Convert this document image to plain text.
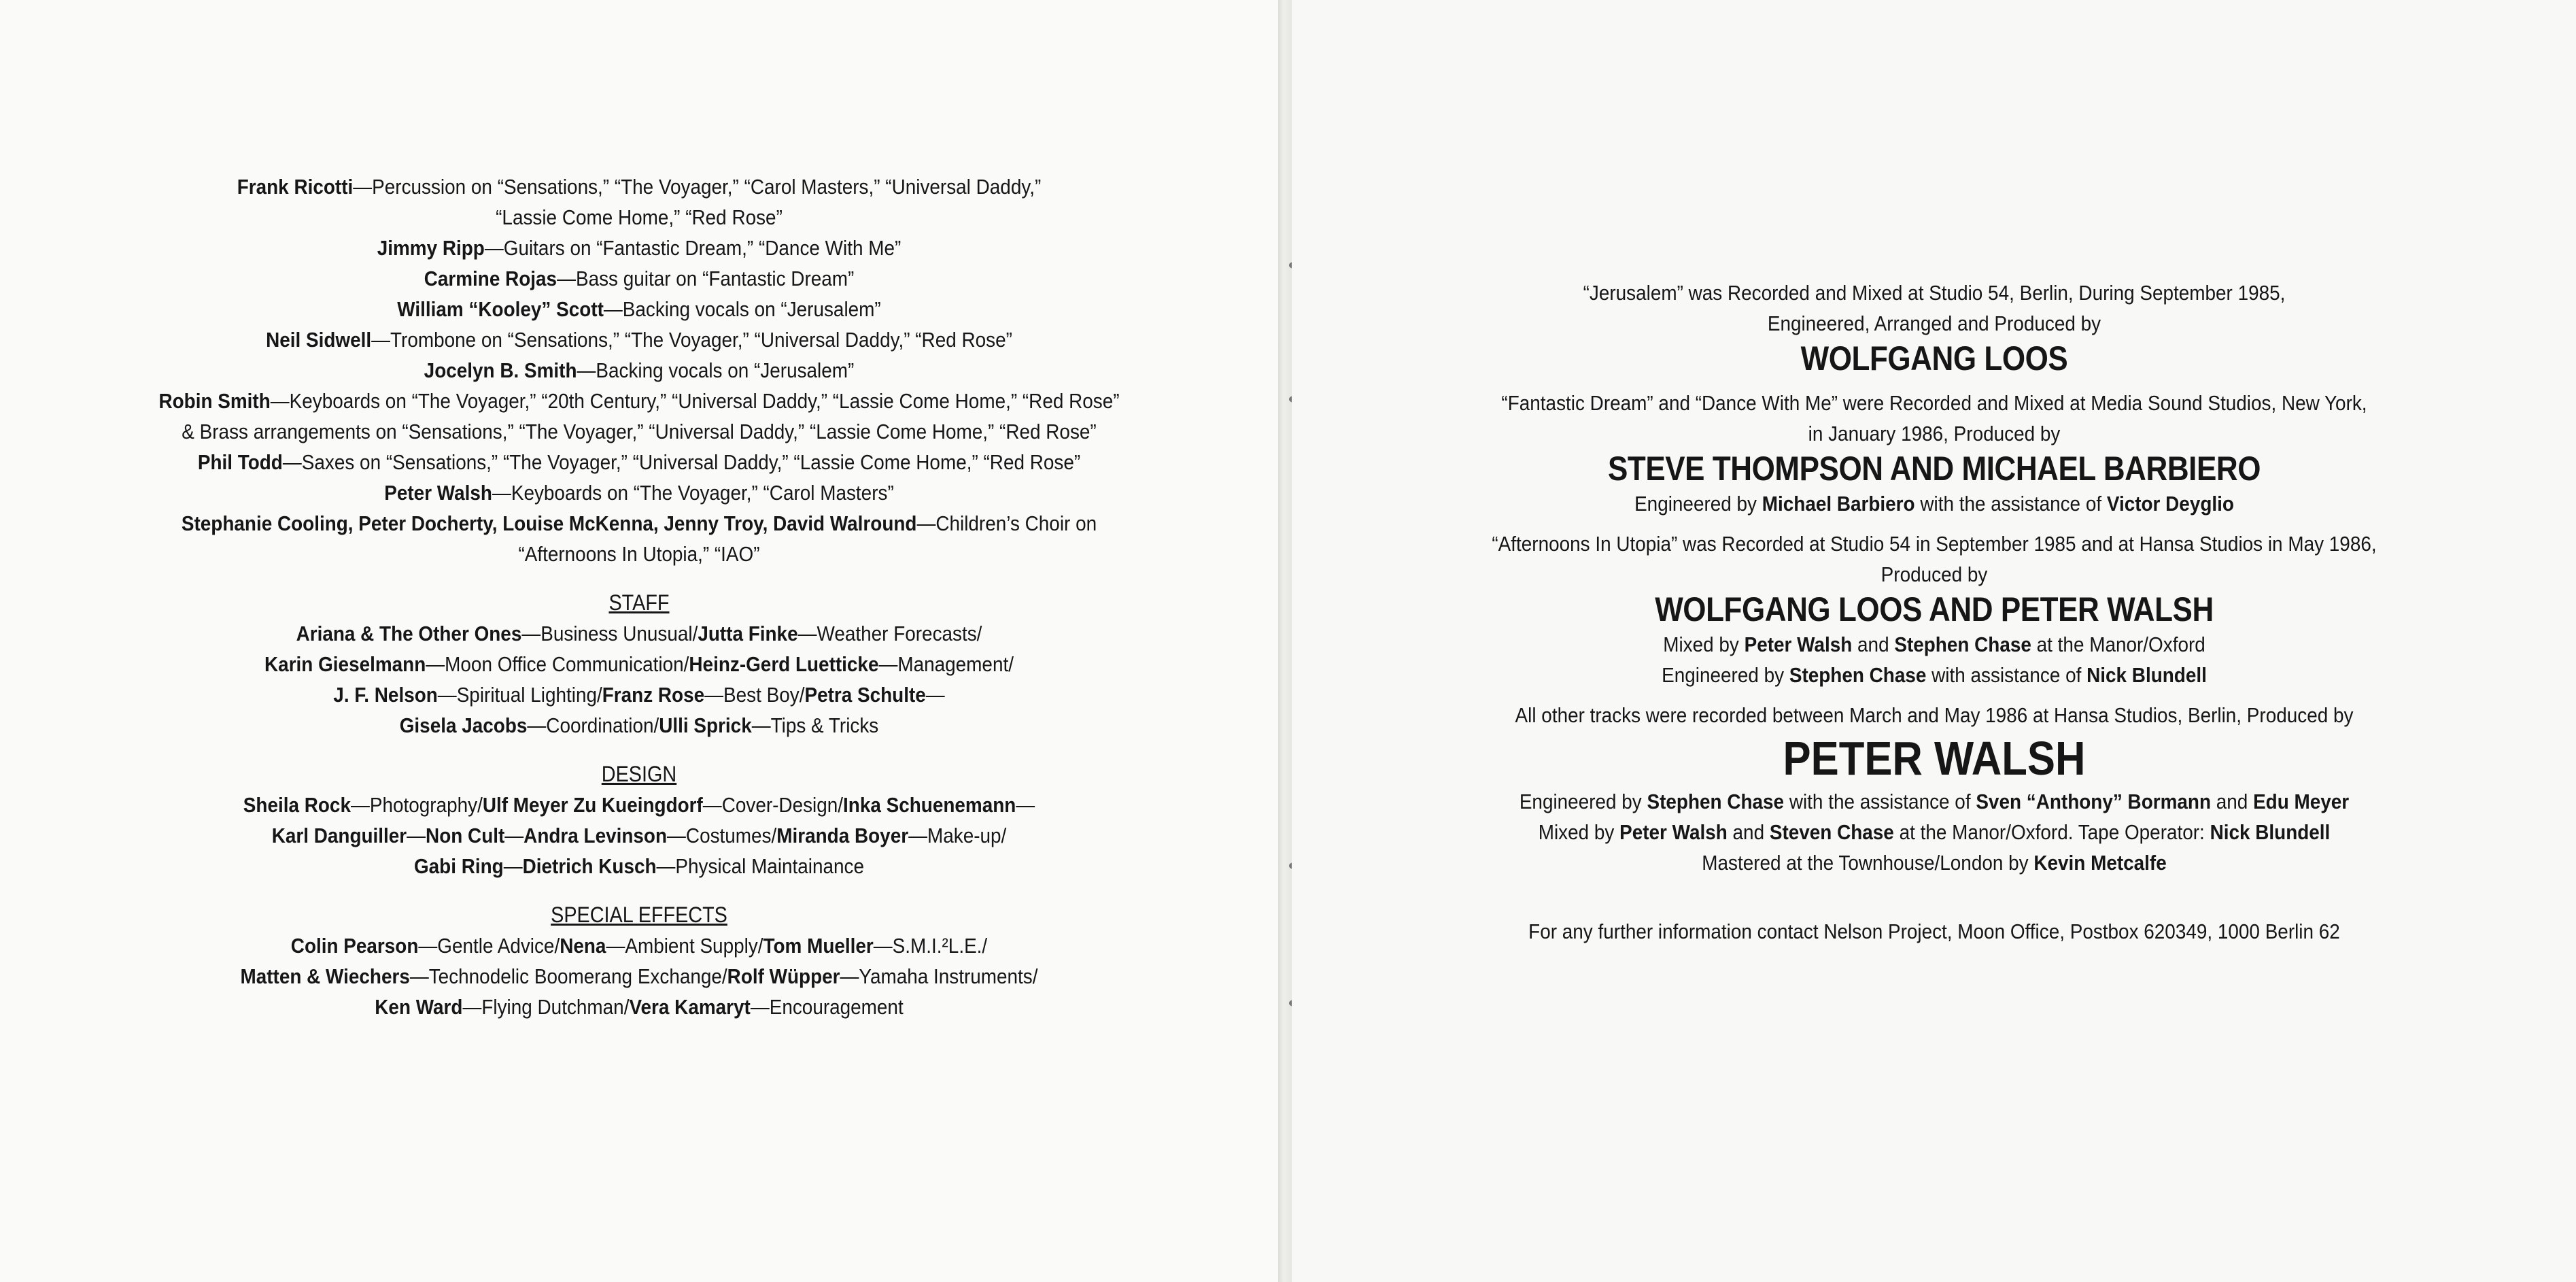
Frank Ricotti—Percussion on “Sensations,” “The Voyager,” “Carol Masters,” “Universal Daddy,”
“Lassie Come Home,” “Red Rose”
Jimmy Ripp—Guitars on “Fantastic Dream,” “Dance With Me”
Carmine Rojas—Bass guitar on “Fantastic Dream”
William “Kooley” Scott—Backing vocals on “Jerusalem”
Neil Sidwell—Trombone on “Sensations,” “The Voyager,” “Universal Daddy,” “Red Rose”
Jocelyn B. Smith—Backing vocals on “Jerusalem”
Robin Smith—Keyboards on “The Voyager,” “20th Century,” “Universal Daddy,” “Lassie Come Home,” “Red Rose”
& Brass arrangements on “Sensations,” “The Voyager,” “Universal Daddy,” “Lassie Come Home,” “Red Rose”
Phil Todd—Saxes on “Sensations,” “The Voyager,” “Universal Daddy,” “Lassie Come Home,” “Red Rose”
Peter Walsh—Keyboards on “The Voyager,” “Carol Masters”
Stephanie Cooling, Peter Docherty, Louise McKenna, Jenny Troy, David Walround—Children’s Choir on
“Afternoons In Utopia,” “IAO”
STAFF
Ariana & The Other Ones—Business Unusual/Jutta Finke—Weather Forecasts/
Karin Gieselmann—Moon Office Communication/Heinz-Gerd Luetticke—Management/
J. F. Nelson—Spiritual Lighting/Franz Rose—Best Boy/Petra Schulte—
Gisela Jacobs—Coordination/Ulli Sprick—Tips & Tricks
DESIGN
Sheila Rock—Photography/Ulf Meyer Zu Kueingdorf—Cover-Design/Inka Schuenemann—
Karl Danguiller—Non Cult—Andra Levinson—Costumes/Miranda Boyer—Make-up/
Gabi Ring—Dietrich Kusch—Physical Maintainance
SPECIAL EFFECTS
Colin Pearson—Gentle Advice/Nena—Ambient Supply/Tom Mueller—S.M.I.²L.E./
Matten & Wiechers—Technodelic Boomerang Exchange/Rolf Wüpper—Yamaha Instruments/
Ken Ward—Flying Dutchman/Vera Kamaryt—Encouragement
“Jerusalem” was Recorded and Mixed at Studio 54, Berlin, During September 1985,
Engineered, Arranged and Produced by
WOLFGANG LOOS
“Fantastic Dream” and “Dance With Me” were Recorded and Mixed at Media Sound Studios, New York,
in January 1986, Produced by
STEVE THOMPSON AND MICHAEL BARBIERO
Engineered by Michael Barbiero with the assistance of Victor Deyglio
“Afternoons In Utopia” was Recorded at Studio 54 in September 1985 and at Hansa Studios in May 1986,
Produced by
WOLFGANG LOOS AND PETER WALSH
Mixed by Peter Walsh and Stephen Chase at the Manor/Oxford
Engineered by Stephen Chase with assistance of Nick Blundell
All other tracks were recorded between March and May 1986 at Hansa Studios, Berlin, Produced by
PETER WALSH
Engineered by Stephen Chase with the assistance of Sven “Anthony” Bormann and Edu Meyer
Mixed by Peter Walsh and Steven Chase at the Manor/Oxford. Tape Operator: Nick Blundell
Mastered at the Townhouse/London by Kevin Metcalfe
For any further information contact Nelson Project, Moon Office, Postbox 620349, 1000 Berlin 62
